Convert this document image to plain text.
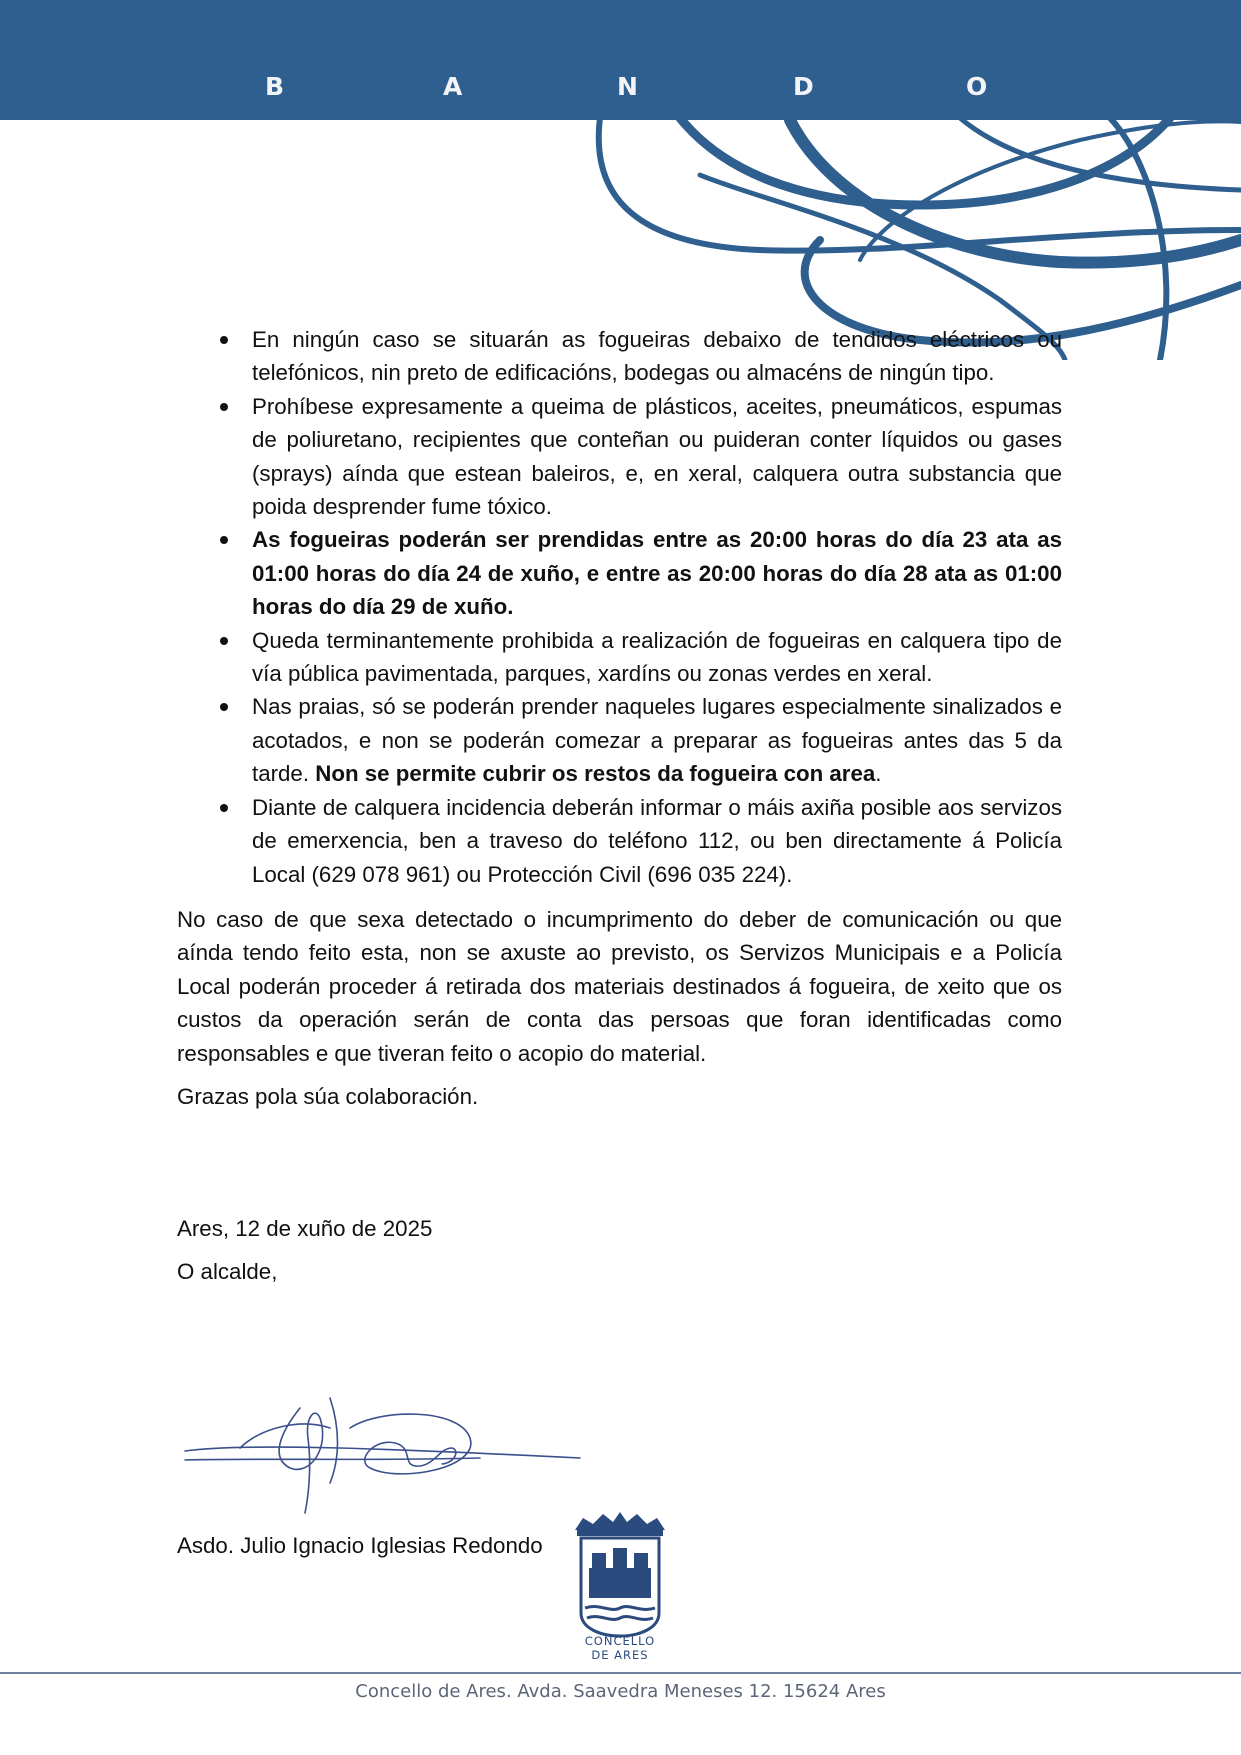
B	A	N	D	O
En ningún caso se situarán as fogueiras debaixo de tendidos eléctricos ou telefónicos, nin preto de edificacións, bodegas ou almacéns de ningún tipo.
Prohíbese expresamente a queima de plásticos, aceites, pneumáticos, espumas de poliuretano, recipientes que conteñan ou puideran conter líquidos ou gases (sprays) aínda que estean baleiros, e, en xeral, calquera outra substancia que poida desprender fume tóxico.
As fogueiras poderán ser prendidas entre as 20:00 horas do día 23 ata as 01:00 horas do día 24 de xuño, e entre as 20:00 horas do día 28 ata as 01:00 horas do día 29 de xuño.
Queda terminantemente prohibida a realización de fogueiras en calquera tipo de vía pública pavimentada, parques, xardíns ou zonas verdes en xeral.
Nas praias, só se poderán prender naqueles lugares especialmente sinalizados e acotados, e non se poderán comezar a preparar as fogueiras antes das 5 da tarde. Non se permite cubrir os restos da fogueira con area.
Diante de calquera incidencia deberán informar o máis axiña posible aos servizos de emerxencia, ben a traveso do teléfono 112, ou ben directamente á Policía Local (629 078 961) ou Protección Civil (696 035 224).

No caso de que sexa detectado o incumprimento do deber de comunicación ou que aínda tendo feito esta, non se axuste ao previsto, os Servizos Municipais e a Policía Local poderán proceder á retirada dos materiais destinados á fogueira, de xeito que os custos da operación serán de conta das persoas que foran identificadas como responsables e que tiveran feito o acopio do material.

Grazas pola súa colaboración.

Ares, 12 de xuño de 2025
O alcalde,
Asdo. Julio Ignacio Iglesias Redondo
CONCELLO
DE ARES
Concello de Ares. Avda. Saavedra Meneses 12. 15624 Ares
